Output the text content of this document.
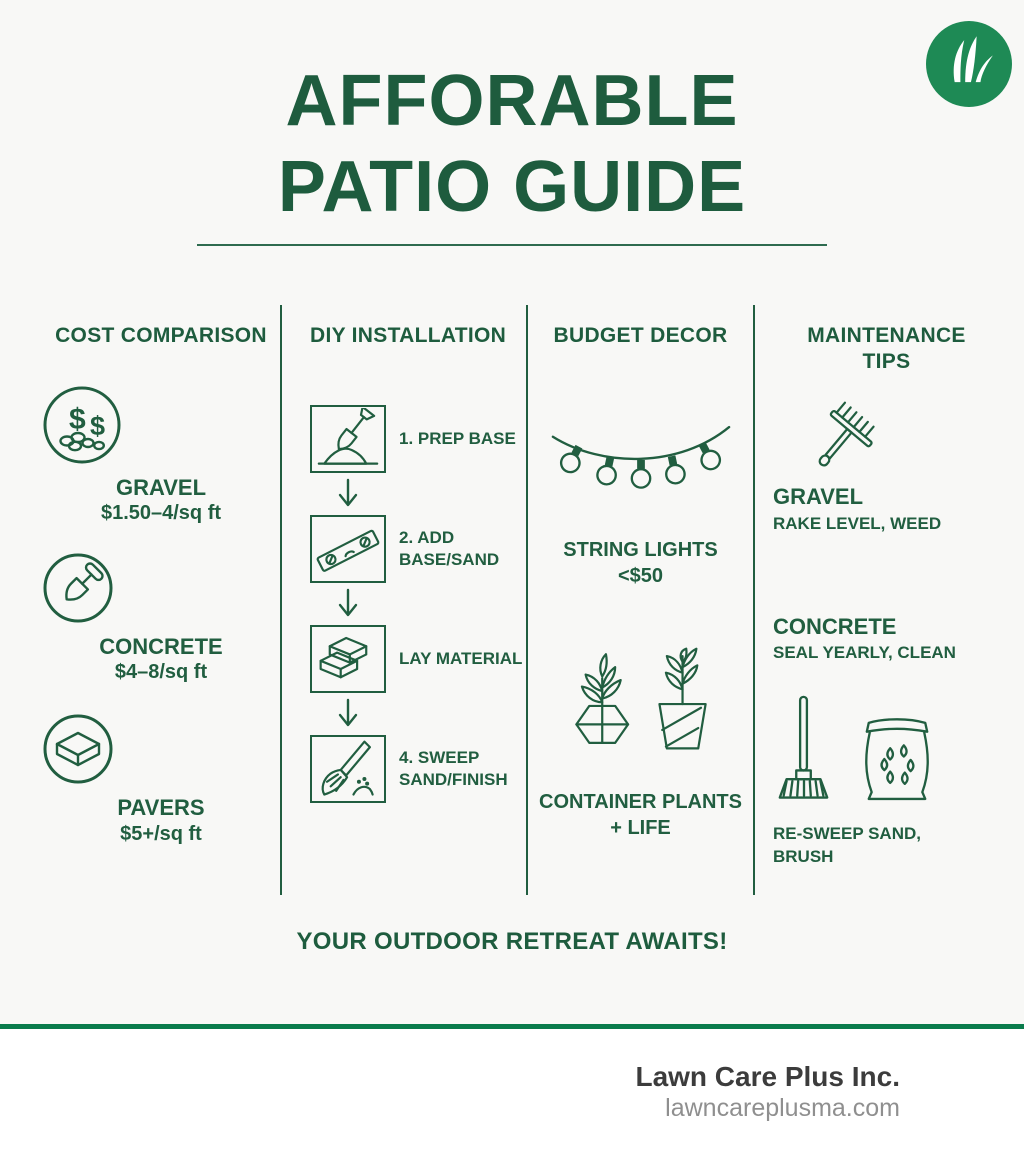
AFFORABLE
PATIO GUIDE
COST COMPARISON
$ $
GRAVEL
$1.50–4/sq ft
CONCRETE
$4–8/sq ft
PAVERS
$5+/sq ft
DIY INSTALLATION
1. PREP BASE
2. ADD BASE/SAND
LAY MATERIAL
4. SWEEP SAND/FINISH
BUDGET DECOR
STRING LIGHTS
<$50
CONTAINER PLANTS
+ LIFE
MAINTENANCE TIPS
GRAVEL
RAKE LEVEL, WEED
CONCRETE
SEAL YEARLY, CLEAN
RE-SWEEP SAND, BRUSH
YOUR OUTDOOR RETREAT AWAITS!
Lawn Care Plus Inc.
lawncareplusma.com
